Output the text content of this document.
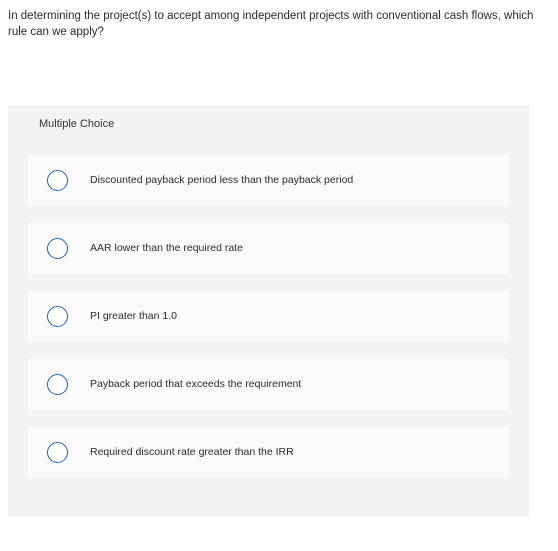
In determining the project(s) to accept among independent projects with conventional cash flows, which rule can we apply?
Multiple Choice
Discounted payback period less than the payback period
AAR lower than the required rate
PI greater than 1.0
Payback period that exceeds the requirement
Required discount rate greater than the IRR
